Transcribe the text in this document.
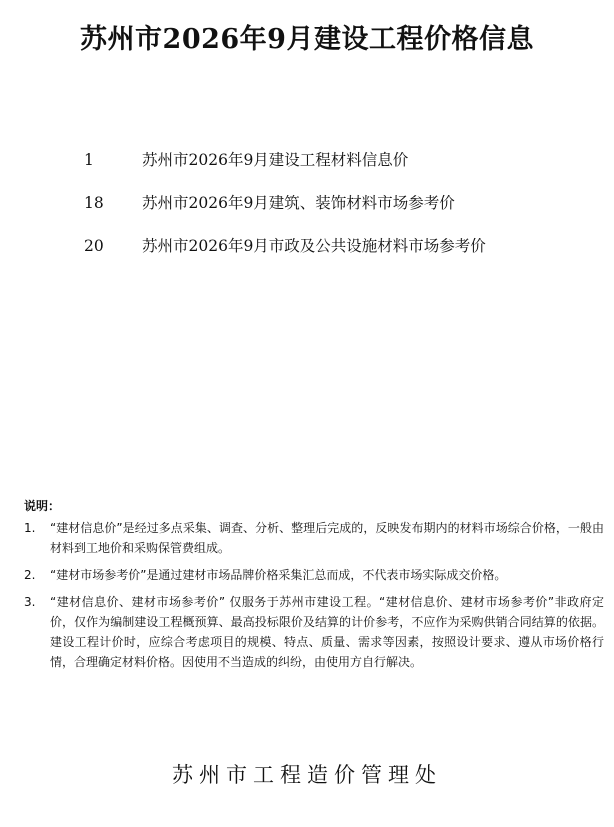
苏州市2026年9月建设工程价格信息
1	苏州市2026年9月建设工程材料信息价
18	苏州市2026年9月建筑、装饰材料市场参考价
20	苏州市2026年9月市政及公共设施材料市场参考价
说明：
1.	“建材信息价”是经过多点采集、调查、分析、整理后完成的，反映发布期内的材料市场综合价格，一般由材料到工地价和采购保管费组成。
2.	“建材市场参考价”是通过建材市场品牌价格采集汇总而成，不代表市场实际成交价格。
3.	“建材信息价、建材市场参考价” 仅服务于苏州市建设工程。“建材信息价、建材市场参考价”非政府定价，仅作为编制建设工程概预算、最高投标限价及结算的计价参考，不应作为采购供销合同结算的依据。建设工程计价时，应综合考虑项目的规模、特点、质量、需求等因素，按照设计要求、遵从市场价格行情，合理确定材料价格。因使用不当造成的纠纷，由使用方自行解决。
苏州市工程造价管理处
